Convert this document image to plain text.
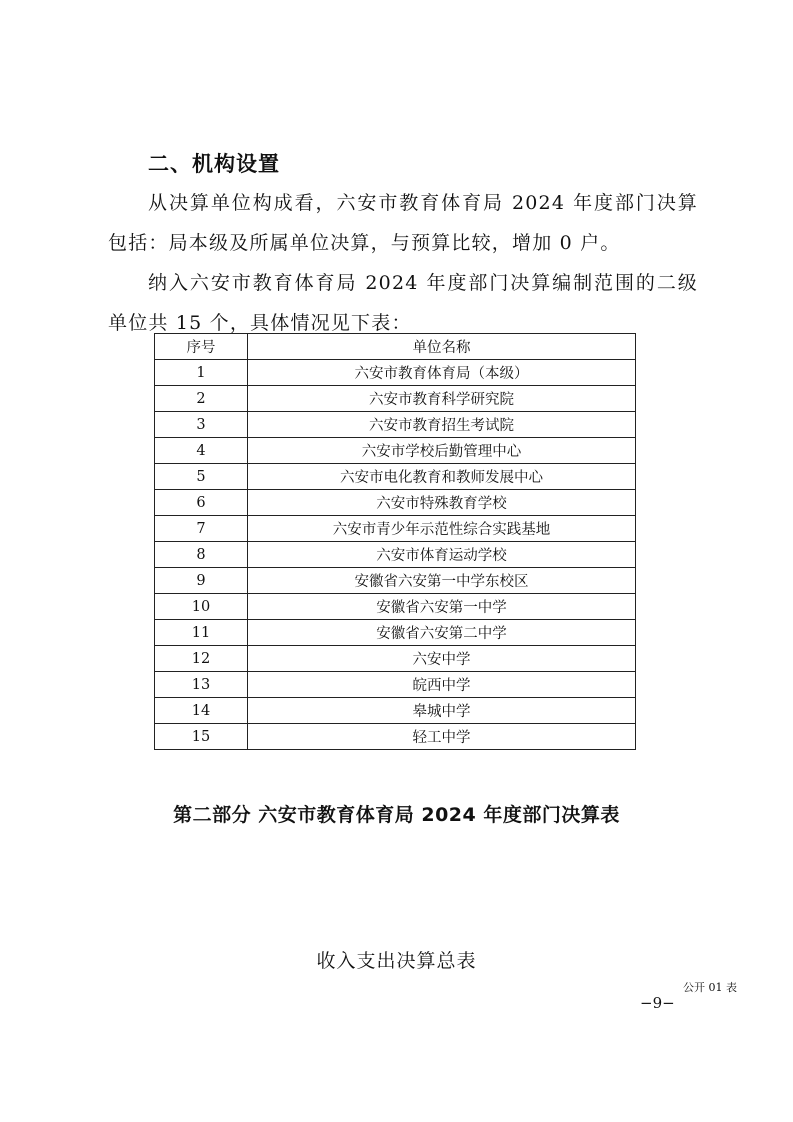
二、机构设置

从决算单位构成看，六安市教育体育局 2024 年度部门决算包括：局本级及所属单位决算，与预算比较，增加 0 户。

纳入六安市教育体育局 2024 年度部门决算编制范围的二级单位共 15 个，具体情况见下表：

序号	单位名称
1	六安市教育体育局（本级）
2	六安市教育科学研究院
3	六安市教育招生考试院
4	六安市学校后勤管理中心
5	六安市电化教育和教师发展中心
6	六安市特殊教育学校
7	六安市青少年示范性综合实践基地
8	六安市体育运动学校
9	安徽省六安第一中学东校区
10	安徽省六安第一中学
11	安徽省六安第二中学
12	六安中学
13	皖西中学
14	皋城中学
15	轻工中学
第二部分 六安市教育体育局 2024 年度部门决算表
收入支出决算总表
公开 01 表
−9−
